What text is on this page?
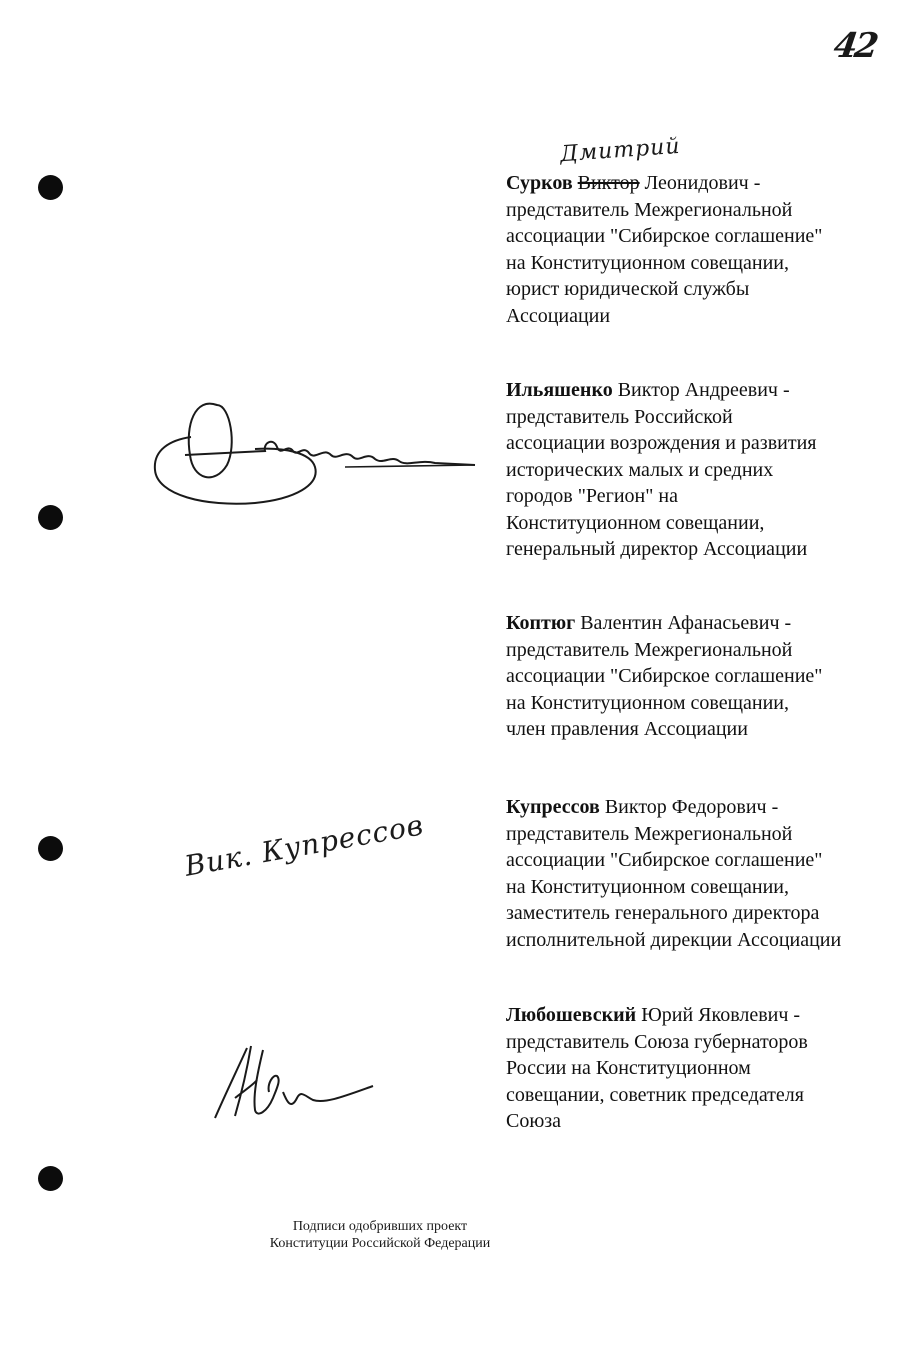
42
Дмитрий
Сурков Виктор Леонидович -
представитель Межрегиональной
ассоциации "Сибирское соглашение"
на Конституционном совещании,
юрист юридической службы
Ассоциации
Ильяшенко Виктор Андреевич -
представитель Российской
ассоциации возрождения и развития
исторических малых и средних
городов "Регион" на
Конституционном совещании,
генеральный директор Ассоциации
Коптюг Валентин Афанасьевич -
представитель Межрегиональной
ассоциации "Сибирское соглашение"
на Конституционном совещании,
член правления Ассоциации
Купрессов Виктор Федорович -
представитель Межрегиональной
ассоциации "Сибирское соглашение"
на Конституционном совещании,
заместитель генерального директора
исполнительной дирекции Ассоциации
Любошевский Юрий Яковлевич -
представитель Союза губернаторов
России на Конституционном
совещании, советник председателя
Союза
Вик. Купрессов
Подписи одобривших проект
Конституции Российской Федерации
